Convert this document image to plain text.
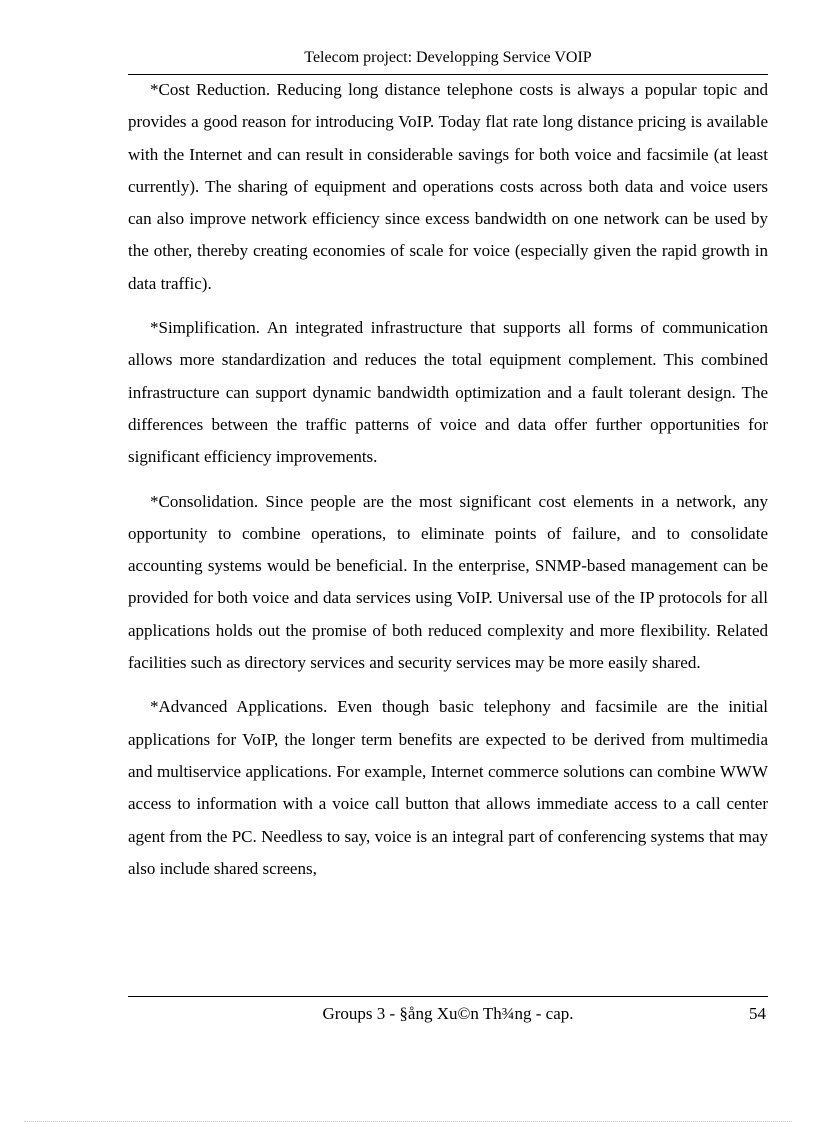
Telecom project: Developping Service VOIP

*Cost Reduction. Reducing long distance telephone costs is always a popular topic and provides a good reason for introducing VoIP. Today flat rate long distance pricing is available with the Internet and can result in considerable savings for both voice and facsimile (at least currently). The sharing of equipment and operations costs across both data and voice users can also improve network efficiency since excess bandwidth on one network can be used by the other, thereby creating economies of scale for voice (especially given the rapid growth in data traffic).

*Simplification. An integrated infrastructure that supports all forms of communication allows more standardization and reduces the total equipment complement. This combined infrastructure can support dynamic bandwidth optimization and a fault tolerant design. The differences between the traffic patterns of voice and data offer further opportunities for significant efficiency improvements.

*Consolidation. Since people are the most significant cost elements in a network, any opportunity to combine operations, to eliminate points of failure, and to consolidate accounting systems would be beneficial. In the enterprise, SNMP-based management can be provided for both voice and data services using VoIP. Universal use of the IP protocols for all applications holds out the promise of both reduced complexity and more flexibility. Related facilities such as directory services and security services may be more easily shared.

*Advanced Applications. Even though basic telephony and facsimile are the initial applications for VoIP, the longer term benefits are expected to be derived from multimedia and multiservice applications. For example, Internet commerce solutions can combine WWW access to information with a voice call button that allows immediate access to a call center agent from the PC. Needless to say, voice is an integral part of conferencing systems that may also include shared screens,

Groups 3 - §ång Xu©n Th¾ng - cap.	54
